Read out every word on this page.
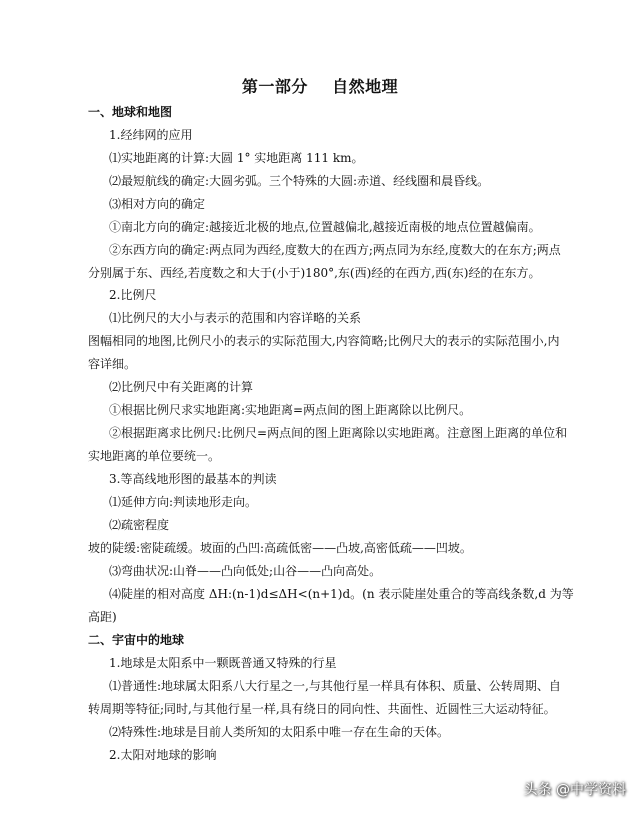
第一部分    自然地理
一、地球和地图
1.经纬网的应用
⑴实地距离的计算:大圆 1° 实地距离 111 km。
⑵最短航线的确定:大圆劣弧。三个特殊的大圆:赤道、经线圈和晨昏线。
⑶相对方向的确定
①南北方向的确定:越接近北极的地点,位置越偏北,越接近南极的地点位置越偏南。
②东西方向的确定:两点同为西经,度数大的在西方;两点同为东经,度数大的在东方;两点
分别属于东、西经,若度数之和大于(小于)180°,东(西)经的在西方,西(东)经的在东方。
2.比例尺
⑴比例尺的大小与表示的范围和内容详略的关系
图幅相同的地图,比例尺小的表示的实际范围大,内容简略;比例尺大的表示的实际范围小,内
容详细。
⑵比例尺中有关距离的计算
①根据比例尺求实地距离:实地距离=两点间的图上距离除以比例尺。
②根据距离求比例尺:比例尺=两点间的图上距离除以实地距离。注意图上距离的单位和
实地距离的单位要统一。
3.等高线地形图的最基本的判读
⑴延伸方向:判读地形走向。
⑵疏密程度
坡的陡缓:密陡疏缓。坡面的凸凹:高疏低密——凸坡,高密低疏——凹坡。
⑶弯曲状况:山脊——凸向低处;山谷——凸向高处。
⑷陡崖的相对高度 ΔH:(n-1)d≤ΔH<(n+1)d。(n 表示陡崖处重合的等高线条数,d 为等
高距)
二、宇宙中的地球
1.地球是太阳系中一颗既普通又特殊的行星
⑴普通性:地球属太阳系八大行星之一,与其他行星一样具有体积、质量、公转周期、自
转周期等特征;同时,与其他行星一样,具有绕日的同向性、共面性、近圆性三大运动特征。
⑵特殊性:地球是目前人类所知的太阳系中唯一存在生命的天体。
2.太阳对地球的影响
头条 @中学资料
